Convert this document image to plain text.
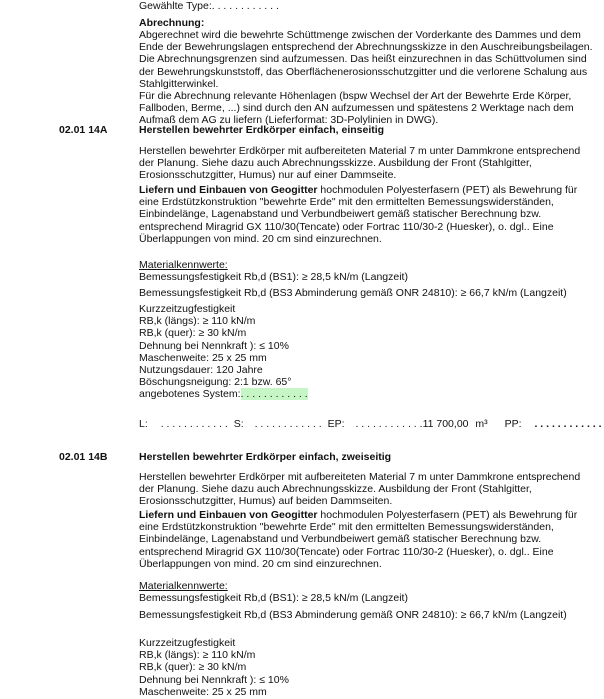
Gewählte Type:. . . . . . . . . . . .
Abrechnung:
Abgerechnet wird die bewehrte Schüttmenge zwischen der Vorderkante des Dammes und dem
Ende der Bewehrungslagen entsprechend der Abrechnungsskizze in den Auschreibungsbeilagen.
Die Abrechnungsgrenzen sind aufzumessen. Das heißt einzurechnen in das Schüttvolumen sind
der Bewehrungskunststoff, das Oberflächenerosionsschutzgitter und die verlorene Schalung aus
Stahlgitterwinkel.
Für die Abrechnung relevante Höhenlagen (bspw Wechsel der Art der Bewehrte Erde Körper,
Fallboden, Berme, ...) sind durch den AN aufzumessen und spätestens 2 Werktage nach dem
Aufmaß dem AG zu liefern (Lieferformat: 3D-Polylinien in DWG).
02.01 14A	Herstellen bewehrter Erdkörper einfach, einseitig
Herstellen bewehrter Erdkörper mit aufbereiteten Material 7 m unter Dammkrone entsprechend
der Planung. Siehe dazu auch Abrechnungsskizze. Ausbildung der Front (Stahlgitter,
Erosionsschutzgitter, Humus) nur auf einer Dammseite.
Liefern und Einbauen von Geogitter hochmodulen Polyesterfasern (PET) als Bewehrung für
eine Erdstützkonstruktion "bewehrte Erde" mit den ermittelten Bemessungswiderständen,
Einbindelänge, Lagenabstand und Verbundbeiwert gemäß statischer Berechnung bzw.
entsprechend Miragrid GX 110/30(Tencate) oder Fortrac 110/30-2 (Huesker), o. dgl.. Eine
Überlappungen von mind. 20 cm sind einzurechnen.
Materialkennwerte:
Bemessungsfestigkeit Rb,d (BS1): ≥ 28,5 kN/m (Langzeit)
Bemessungsfestigkeit Rb,d (BS3 Abminderung gemäß ONR 24810): ≥ 66,7 kN/m (Langzeit)
Kurzzeitzugfestigkeit
RB,k (längs): ≥ 110 kN/m
RB,k (quer): ≥ 30 kN/m
Dehnung bei Nennkraft ): ≤ 10%
Maschenweite: 25 x 25 mm
Nutzungsdauer: 120 Jahre
Böschungsneigung: 2:1 bzw. 65°
angebotenes System:. . . . . . . . . . . .
L: . . . . . . . . . . . . S: . . . . . . . . . . . . EP: . . . . . . . . . . . .11 700,00 m³ PP: . . . . . . . . . . . .
02.01 14B	Herstellen bewehrter Erdkörper einfach, zweiseitig
Herstellen bewehrter Erdkörper mit aufbereiteten Material 7 m unter Dammkrone entsprechend
der Planung. Siehe dazu auch Abrechnungsskizze. Ausbildung der Front (Stahlgitter,
Erosionsschutzgitter, Humus) auf beiden Dammseiten.
Liefern und Einbauen von Geogitter hochmodulen Polyesterfasern (PET) als Bewehrung für
eine Erdstützkonstruktion "bewehrte Erde" mit den ermittelten Bemessungswiderständen,
Einbindelänge, Lagenabstand und Verbundbeiwert gemäß statischer Berechnung bzw.
entsprechend Miragrid GX 110/30(Tencate) oder Fortrac 110/30-2 (Huesker), o. dgl.. Eine
Überlappungen von mind. 20 cm sind einzurechnen.
Materialkennwerte:
Bemessungsfestigkeit Rb,d (BS1): ≥ 28,5 kN/m (Langzeit)
Bemessungsfestigkeit Rb,d (BS3 Abminderung gemäß ONR 24810): ≥ 66,7 kN/m (Langzeit)
Kurzzeitzugfestigkeit
RB,k (längs): ≥ 110 kN/m
RB,k (quer): ≥ 30 kN/m
Dehnung bei Nennkraft ): ≤ 10%
Maschenweite: 25 x 25 mm
